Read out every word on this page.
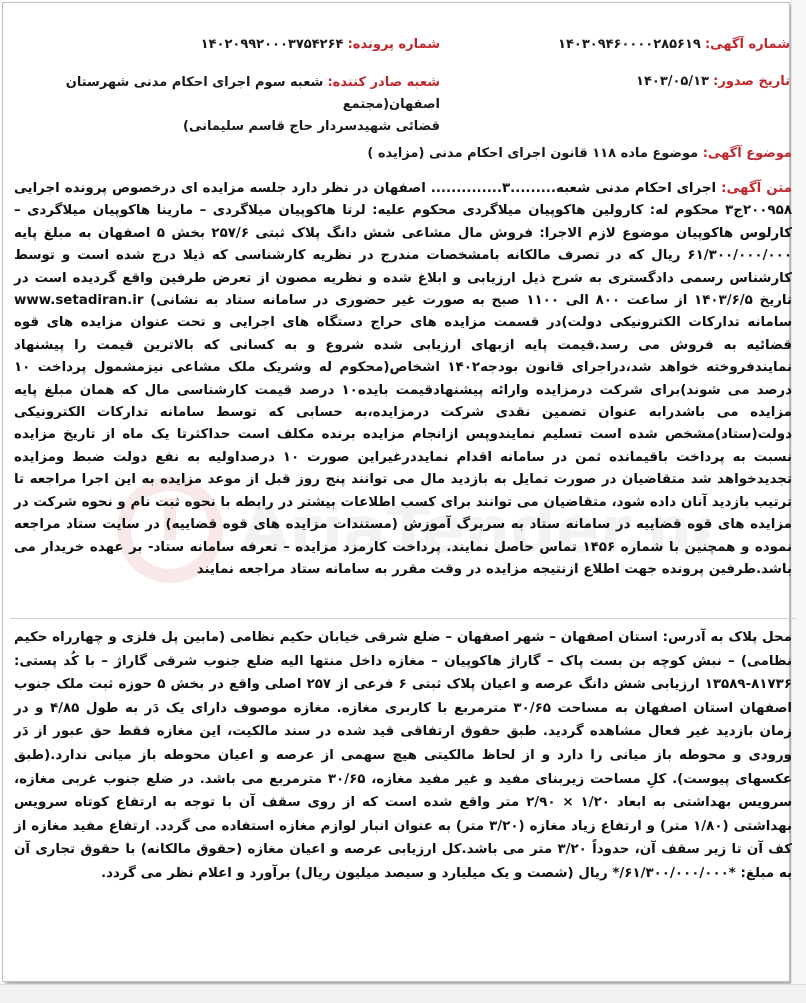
شماره آگهی: ۱۴۰۳۰۹۴۶۰۰۰۰۲۸۵۶۱۹
شماره پرونده: ۱۴۰۲۰۹۹۲۰۰۰۳۷۵۴۲۶۴
تاریخ صدور: ۱۴۰۳/۰۵/۱۳
شعبه صادر کننده: شعبه سوم اجرای احکام مدنی شهرستان اصفهان(مجتمع
قضائی شهیدسردار حاج قاسم سلیمانی)
موضوع آگهی: موضوع ماده ۱۱۸ قانون اجرای احکام مدنی (مزایده )
متن آگهی: اجرای احکام مدنی شعبه.........۳.............. اصفهان در نظر دارد جلسه مزایده ای درخصوص پرونده اجرایی ۲۰۰۹۵۸ج۳ محکوم له: کارولین هاکوپیان میلاگردی محکوم علیه: لرتا هاکوپیان میلاگردی – مارینا هاکوپیان میلاگردی – کارلوس هاکوپیان موضوع لازم الاجرا: فروش مال مشاعی شش دانگ پلاک ثبتی ۲۵۷/۶ بخش ۵ اصفهان به مبلغ پایه ۶۱/۳۰۰/۰۰۰/۰۰۰ ریال که در تصرف مالکانه بامشخصات مندرج در نظریه کارشناسی که ذیلا درج شده است و توسط کارشناس رسمی دادگستری به شرح ذیل ارزیابی و ابلاغ شده و نظریه مصون از تعرض طرفین واقع گردیده است در تاریخ ۱۴۰۳/۶/۵ از ساعت ۸۰۰ الی ۱۱۰۰ صبح به صورت غیر حضوری در سامانه ستاد به نشانی) www.setadiran.ir سامانه تدارکات الکترونیکی دولت)در قسمت مزایده های حراج دستگاه های اجرایی و تحت عنوان مزایده های قوه قضائیه به فروش می رسد.قیمت پایه ازبهای ارزیابی شده شروع و به کسانی که بالاترین قیمت را پیشنهاد نمایندفروخته خواهد شد،دراجرای قانون بودجه۱۴۰۲ اشخاص(محکوم له وشریک ملک مشاعی نیزمشمول پرداخت ۱۰ درصد می شوند)برای شرکت درمزایده وارائه پیشنهادقیمت بایده۱۰ درصد قیمت کارشناسی مال که همان مبلغ پایه مزایده می باشدرابه عنوان تضمین نقدی شرکت درمزایده،به حسابی که توسط سامانه تدارکات الکترونیکی دولت(ستاد)مشخص شده است تسلیم نمایندوپس ازانجام مزایده برنده مکلف است حداکثرتا یک ماه از تاریخ مزایده نسبت به پرداخت باقیمانده ثمن در سامانه اقدام نمایددرغیراین صورت ۱۰ درصداولیه به نفع دولت ضبط ومزایده تجدیدخواهد شد متقاضیان در صورت تمایل به بازدید مال می توانند پنج روز قبل از موعد مزایده به این اجرا مراجعه تا ترتیب بازدید آنان داده شود، متقاضیان می توانند برای کسب اطلاعات بیشتر در رابطه با نحوه ثبت نام و نحوه شرکت در مزایده های قوه قضاییه در سامانه ستاد به سربرگ آموزش (مستندات مزایده های قوه قضاییه) در سایت ستاد مراجعه نموده و همچنین با شماره ۱۴۵۶ تماس حاصل نمایند. پرداخت کارمزد مزایده – تعرفه سامانه ستاد- بر عهده خریدار می باشد.طرفین پرونده جهت اطلاع ازنتیجه مزایده در وقت مقرر به سامانه ستاد مراجعه نمایند
محل پلاک به آدرس: استان اصفهان – شهر اصفهان – ضلع شرقی خیابان حکیم نظامی (مابین پل فلزی و چهارراه حکیم نظامی) – نبش کوچه بن بست پاک – گاراژ هاکوپیان – مغازه داخل منتها الیه ضلع جنوب شرقی گاراژ – با کُد پستی: ۸۱۷۳۶-۱۳۵۸۹ ارزیابی شش دانگ عرصه و اعیان پلاک ثبتی ۶ فرعی از ۲۵۷ اصلی واقع در بخش ۵ حوزه ثبت ملک جنوب اصفهان استان اصفهان به مساحت ۳۰/۶۵ مترمربع با کاربری مغازه. مغازه موصوف دارای یک دَر به طول ۴/۸۵ و در زمان بازدید غیر فعال مشاهده گردید. طبق حقوق ارتفاقی قید شده در سند مالکیت، این مغازه فقط حق عبور از دَر ورودی و محوطه باز میانی را دارد و از لحاظ مالکیتی هیچ سهمی از عرصه و اعیان محوطه باز میانی ندارد.(طبق عکسهای پیوست). کلِ مساحت زیربنای مفید و غیر مفید مغازه، ۳۰/۶۵ مترمربع می باشد. در ضلع جنوب غربی مغازه، سرویس بهداشتی به ابعاد ۱/۲۰ × ۲/۹۰ متر واقع شده است که از روی سقف آن با توجه به ارتفاع کوتاه سرویس بهداشتی (۱/۸۰ متر) و ارتفاع زیاد مغازه (۳/۲۰ متر) به عنوان انبار لوازم مغازه استفاده می گردد. ارتفاع مفید مغازه از کف آن تا زیر سقف آن، حدوداً ۳/۲۰ متر می باشد.کل ارزیابی عرصه و اعیان مغازه (حقوق مالکانه) با حقوق تجاری آن به مبلغ: *۶۱/۳۰۰/۰۰۰/۰۰۰/* ریال (شصت و یک میلیارد و سیصد میلیون ریال) برآورد و اعلام نظر می گردد.
